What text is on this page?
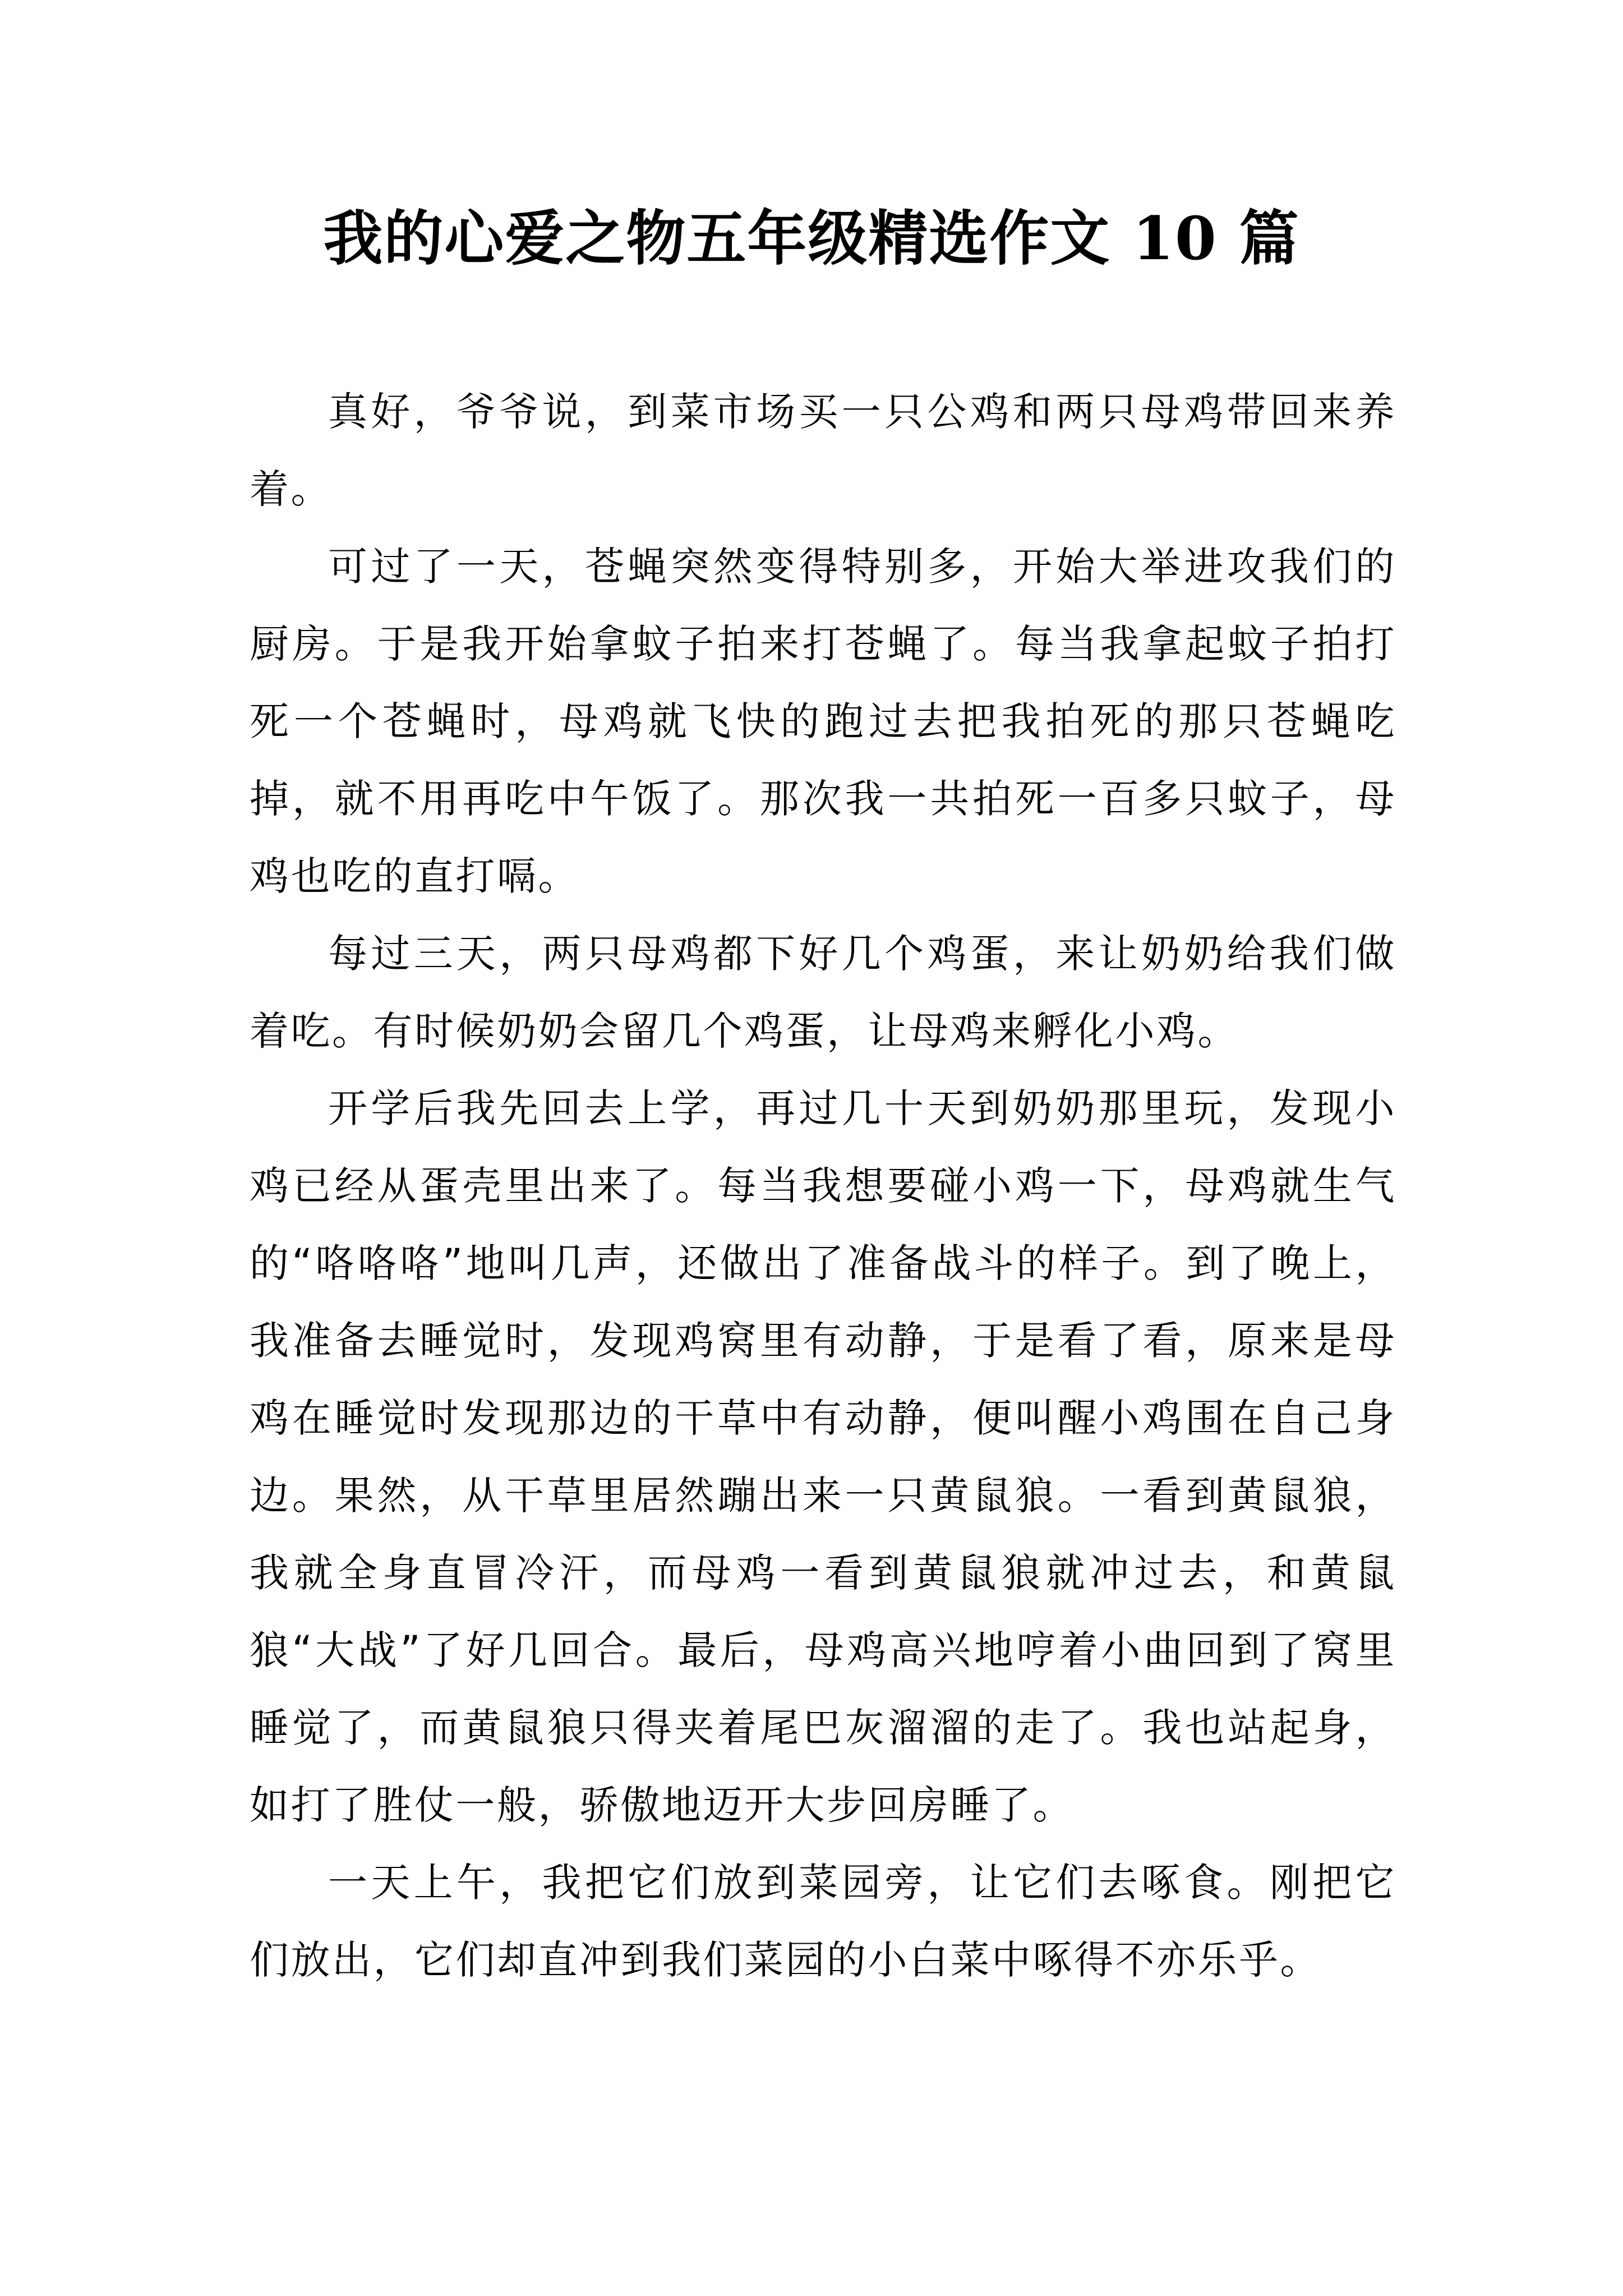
我的心爱之物五年级精选作文 10 篇

真好，爷爷说，到菜市场买一只公鸡和两只母鸡带回来养着。

可过了一天，苍蝇突然变得特别多，开始大举进攻我们的厨房。于是我开始拿蚊子拍来打苍蝇了。每当我拿起蚊子拍打死一个苍蝇时，母鸡就飞快的跑过去把我拍死的那只苍蝇吃掉，就不用再吃中午饭了。那次我一共拍死一百多只蚊子，母鸡也吃的直打嗝。

每过三天，两只母鸡都下好几个鸡蛋，来让奶奶给我们做着吃。有时候奶奶会留几个鸡蛋，让母鸡来孵化小鸡。

开学后我先回去上学，再过几十天到奶奶那里玩，发现小鸡已经从蛋壳里出来了。每当我想要碰小鸡一下，母鸡就生气的“咯咯咯”地叫几声，还做出了准备战斗的样子。到了晚上，我准备去睡觉时，发现鸡窝里有动静，于是看了看，原来是母鸡在睡觉时发现那边的干草中有动静，便叫醒小鸡围在自己身边。果然，从干草里居然蹦出来一只黄鼠狼。一看到黄鼠狼，我就全身直冒冷汗，而母鸡一看到黄鼠狼就冲过去，和黄鼠狼“大战”了好几回合。最后，母鸡高兴地哼着小曲回到了窝里睡觉了，而黄鼠狼只得夹着尾巴灰溜溜的走了。我也站起身，如打了胜仗一般，骄傲地迈开大步回房睡了。

一天上午，我把它们放到菜园旁，让它们去啄食。刚把它们放出，它们却直冲到我们菜园的小白菜中啄得不亦乐乎。
